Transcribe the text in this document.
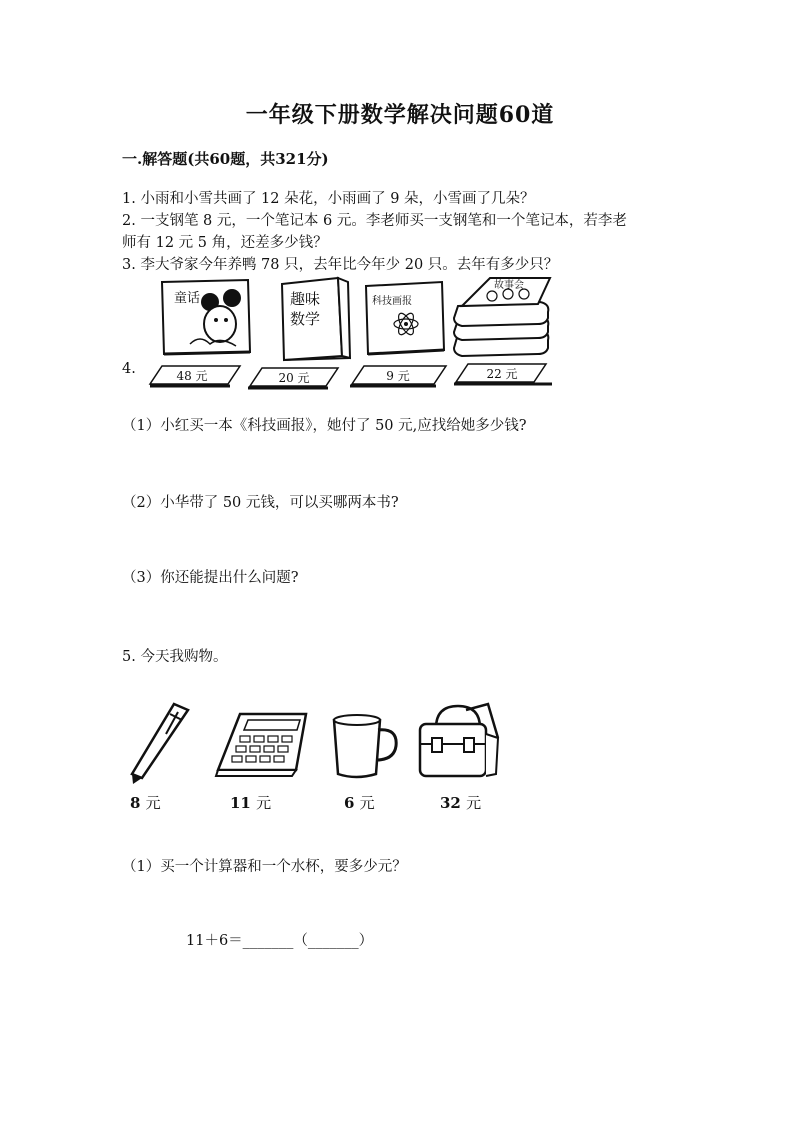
一年级下册数学解决问题60道
一.解答题(共60题，共321分)
1. 小雨和小雪共画了 12 朵花，小雨画了 9 朵，小雪画了几朵？
2. 一支钢笔 8 元，一个笔记本 6 元。李老师买一支钢笔和一个笔记本，若李老
师有 12 元 5 角，还差多少钱？
3. 李大爷家今年养鸭 78 只，去年比今年少 20 只。去年有多少只？
4.
童话	趣味
数学
科技画报
故事会
48 元	20 元	9 元	22 元
（1）小红买一本《科技画报》，她付了 50 元,应找给她多少钱?
（2）小华带了 50 元钱，可以买哪两本书?
（3）你还能提出什么问题?
5. 今天我购物。
8 元	11 元	6 元	32 元
（1）买一个计算器和一个水杯，要多少元？
11＋6＝_______（_______）
